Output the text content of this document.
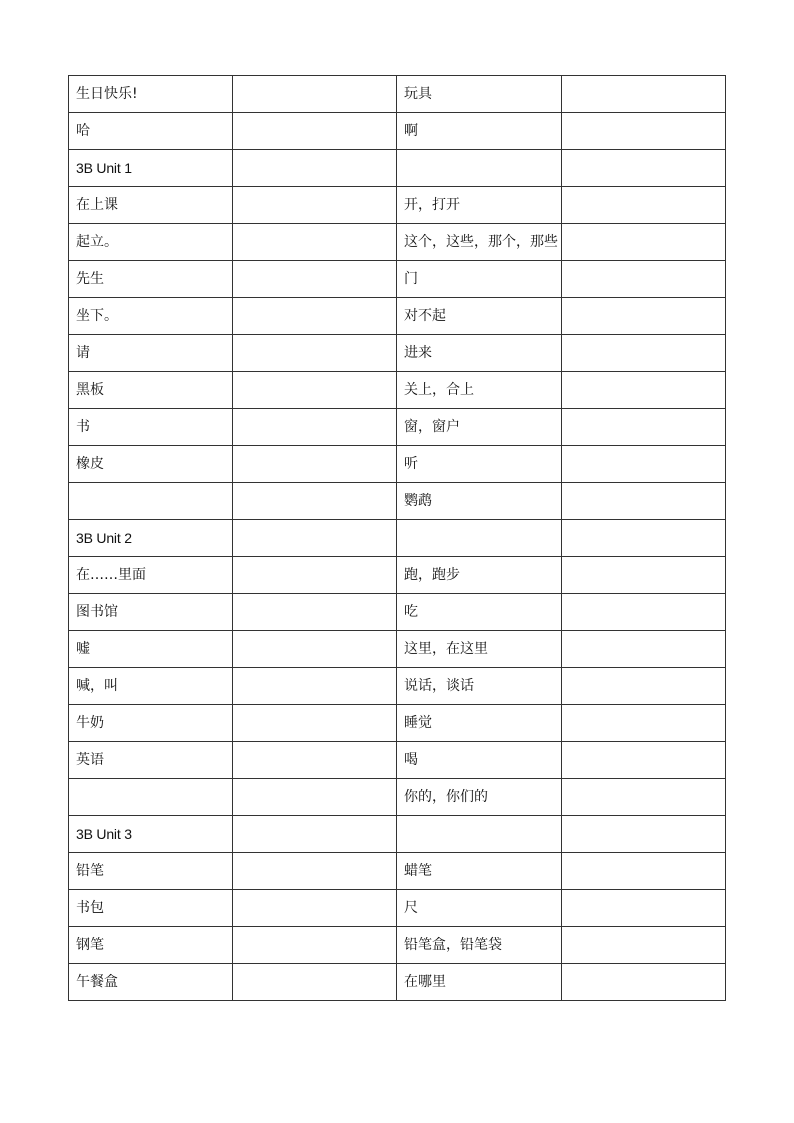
生日快乐!		玩具	
哈		啊	
3B Unit 1			
在上课		开，打开	
起立。		这个，这些，那个，那些	
先生		门	
坐下。		对不起	
请		进来	
黑板		关上，合上	
书		窗，窗户	
橡皮		听	
		鹦鹉	
3B Unit 2			
在……里面		跑，跑步	
图书馆		吃	
嘘		这里，在这里	
喊，叫		说话，谈话	
牛奶		睡觉	
英语		喝	
		你的，你们的	
3B Unit 3			
铅笔		蜡笔	
书包		尺	
钢笔		铅笔盒，铅笔袋	
午餐盒		在哪里	
